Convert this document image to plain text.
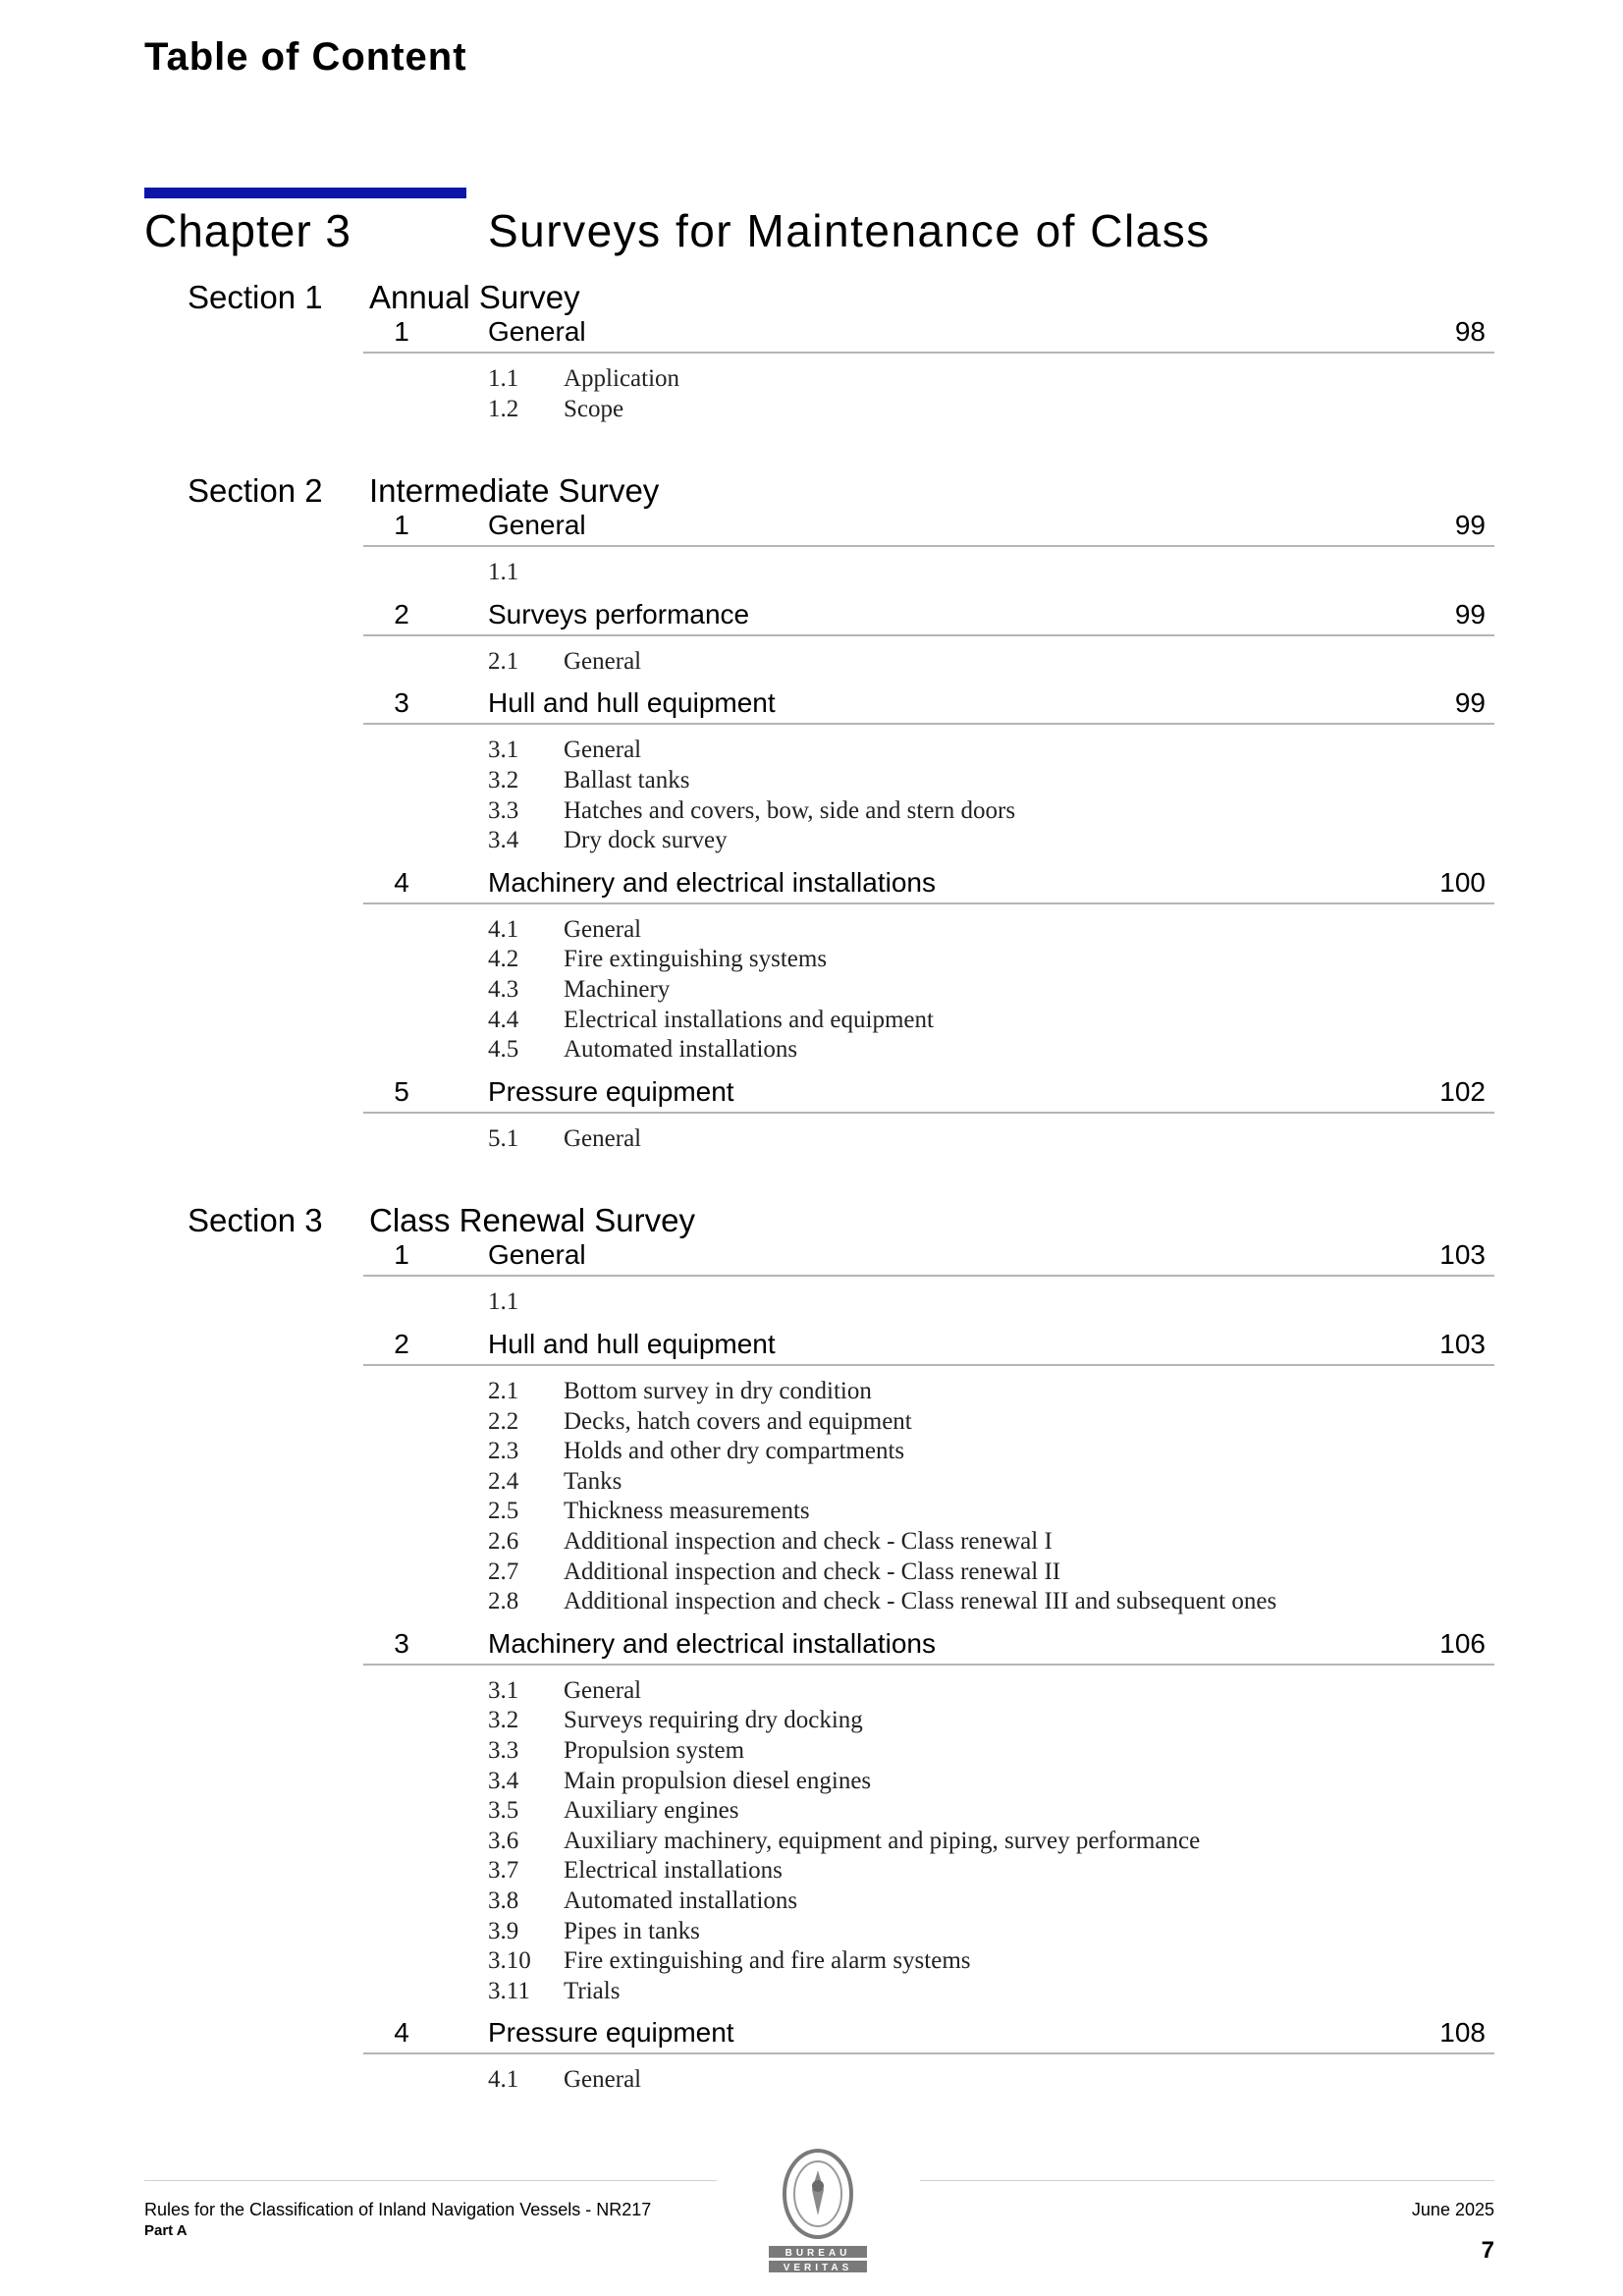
Table of Content
Chapter 3	Surveys for Maintenance of Class
Section 1 Annual Survey
1	General	98
1.1 Application
1.2 Scope
Section 2 Intermediate Survey
1	General	99
1.1
2	Surveys performance	99
2.1 General
3	Hull and hull equipment	99
3.1 General
3.2 Ballast tanks
3.3 Hatches and covers, bow, side and stern doors
3.4 Dry dock survey
4	Machinery and electrical installations	100
4.1 General
4.2 Fire extinguishing systems
4.3 Machinery
4.4 Electrical installations and equipment
4.5 Automated installations
5	Pressure equipment	102
5.1 General
Section 3 Class Renewal Survey
1	General	103
1.1
2	Hull and hull equipment	103
2.1 Bottom survey in dry condition
2.2 Decks, hatch covers and equipment
2.3 Holds and other dry compartments
2.4 Tanks
2.5 Thickness measurements
2.6 Additional inspection and check - Class renewal I
2.7 Additional inspection and check - Class renewal II
2.8 Additional inspection and check - Class renewal III and subsequent ones
3	Machinery and electrical installations	106
3.1 General
3.2 Surveys requiring dry docking
3.3 Propulsion system
3.4 Main propulsion diesel engines
3.5 Auxiliary engines
3.6 Auxiliary machinery, equipment and piping, survey performance
3.7 Electrical installations
3.8 Automated installations
3.9 Pipes in tanks
3.10 Fire extinguishing and fire alarm systems
3.11 Trials
4	Pressure equipment	108
4.1 General
Rules for the Classification of Inland Navigation Vessels - NR217
Part A
June 2025
7
BUREAU
VERITAS
